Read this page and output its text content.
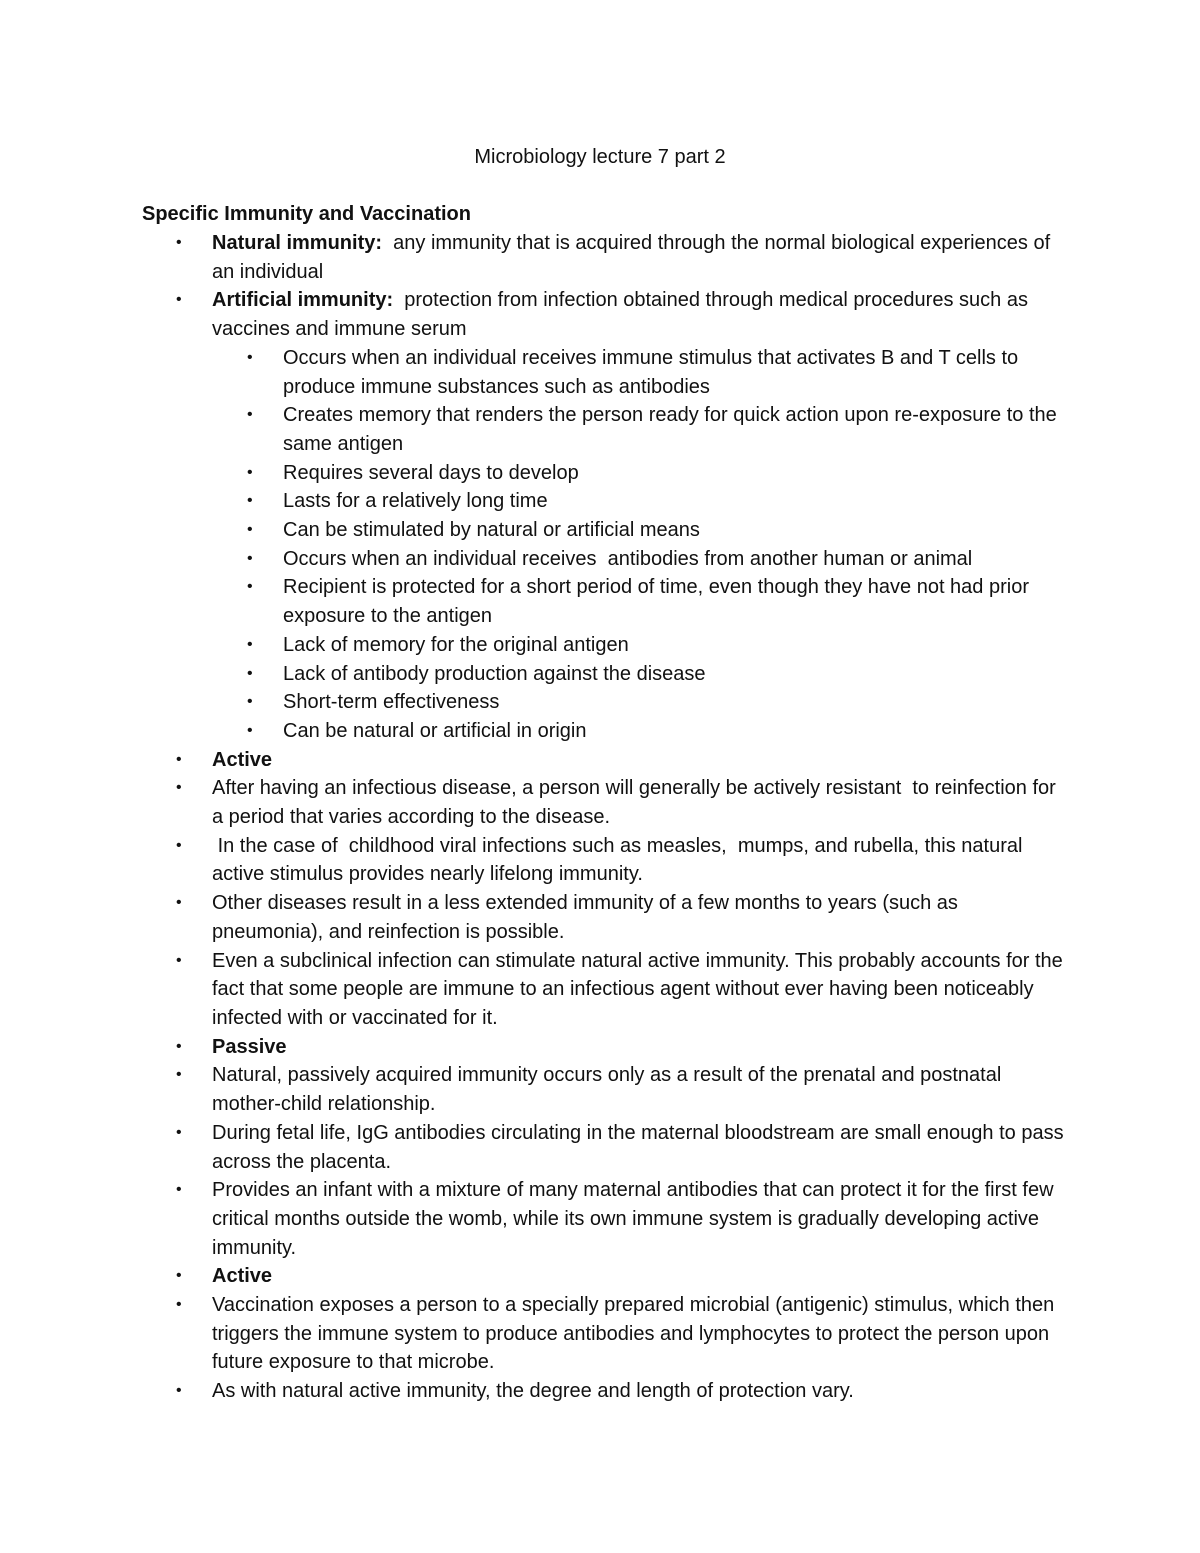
Microbiology lecture 7 part 2
Specific Immunity and Vaccination
• Natural immunity:  any immunity that is acquired through the normal biological experiences of an individual
• Artificial immunity:  protection from infection obtained through medical procedures such as vaccines and immune serum
• Occurs when an individual receives immune stimulus that activates B and T cells to produce immune substances such as antibodies
• Creates memory that renders the person ready for quick action upon re-exposure to the same antigen
• Requires several days to develop
• Lasts for a relatively long time
• Can be stimulated by natural or artificial means
• Occurs when an individual receives  antibodies from another human or animal
• Recipient is protected for a short period of time, even though they have not had prior exposure to the antigen
• Lack of memory for the original antigen
• Lack of antibody production against the disease
• Short-term effectiveness
• Can be natural or artificial in origin
• Active
• After having an infectious disease, a person will generally be actively resistant  to reinfection for a period that varies according to the disease.
• In the case of  childhood viral infections such as measles,  mumps, and rubella, this natural active stimulus provides nearly lifelong immunity.
• Other diseases result in a less extended immunity of a few months to years (such as pneumonia), and reinfection is possible.
• Even a subclinical infection can stimulate natural active immunity. This probably accounts for the fact that some people are immune to an infectious agent without ever having been noticeably infected with or vaccinated for it.
• Passive
• Natural, passively acquired immunity occurs only as a result of the prenatal and postnatal mother-child relationship.
• During fetal life, IgG antibodies circulating in the maternal bloodstream are small enough to pass across the placenta.
• Provides an infant with a mixture of many maternal antibodies that can protect it for the first few critical months outside the womb, while its own immune system is gradually developing active immunity.
• Active
• Vaccination exposes a person to a specially prepared microbial (antigenic) stimulus, which then triggers the immune system to produce antibodies and lymphocytes to protect the person upon future exposure to that microbe.
• As with natural active immunity, the degree and length of protection vary.
